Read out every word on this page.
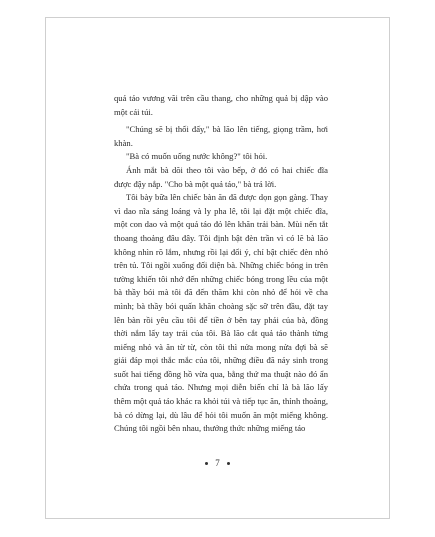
quả táo vương vãi trên cầu thang, cho những quả bị dập vào một cái túi.

"Chúng sẽ bị thối đấy," bà lão lên tiếng, giọng trầm, hơi khàn.

"Bà có muốn uống nước không?" tôi hỏi.

Ánh mắt bà dõi theo tôi vào bếp, ở đó có hai chiếc đĩa được đậy nắp. "Cho bà một quả táo," bà trả lời.

Tôi bày bữa lên chiếc bàn ăn đã được dọn gọn gàng. Thay vì dao nĩa sáng loáng và ly pha lê, tôi lại đặt một chiếc đĩa, một con dao và một quả táo đỏ lên khăn trải bàn. Mùi nến tắt thoang thoảng đâu đây. Tôi định bật đèn trần vì có lẽ bà lão không nhìn rõ lắm, nhưng rồi lại đổi ý, chỉ bật chiếc đèn nhỏ trên tủ. Tôi ngồi xuống đối diện bà. Những chiếc bóng in trên tường khiến tôi nhớ đến những chiếc bóng trong lều của một bà thầy bói mà tôi đã đến thăm khi còn nhỏ để hỏi về cha mình; bà thầy bói quấn khăn choàng sặc sỡ trên đầu, đặt tay lên bàn rồi yêu cầu tôi để tiền ở bên tay phải của bà, đồng thời nắm lấy tay trái của tôi. Bà lão cắt quả táo thành từng miếng nhỏ và ăn từ từ, còn tôi thì nửa mong nửa đợi bà sẽ giải đáp mọi thắc mắc của tôi, những điều đã nảy sinh trong suốt hai tiếng đồng hồ vừa qua, bằng thứ ma thuật nào đó ẩn chứa trong quả táo. Nhưng mọi diễn biến chỉ là bà lão lấy thêm một quả táo khác ra khỏi túi và tiếp tục ăn, thỉnh thoảng, bà có dừng lại, dù lâu để hỏi tôi muốn ăn một miếng không. Chúng tôi ngồi bên nhau, thưởng thức những miếng táo

7
